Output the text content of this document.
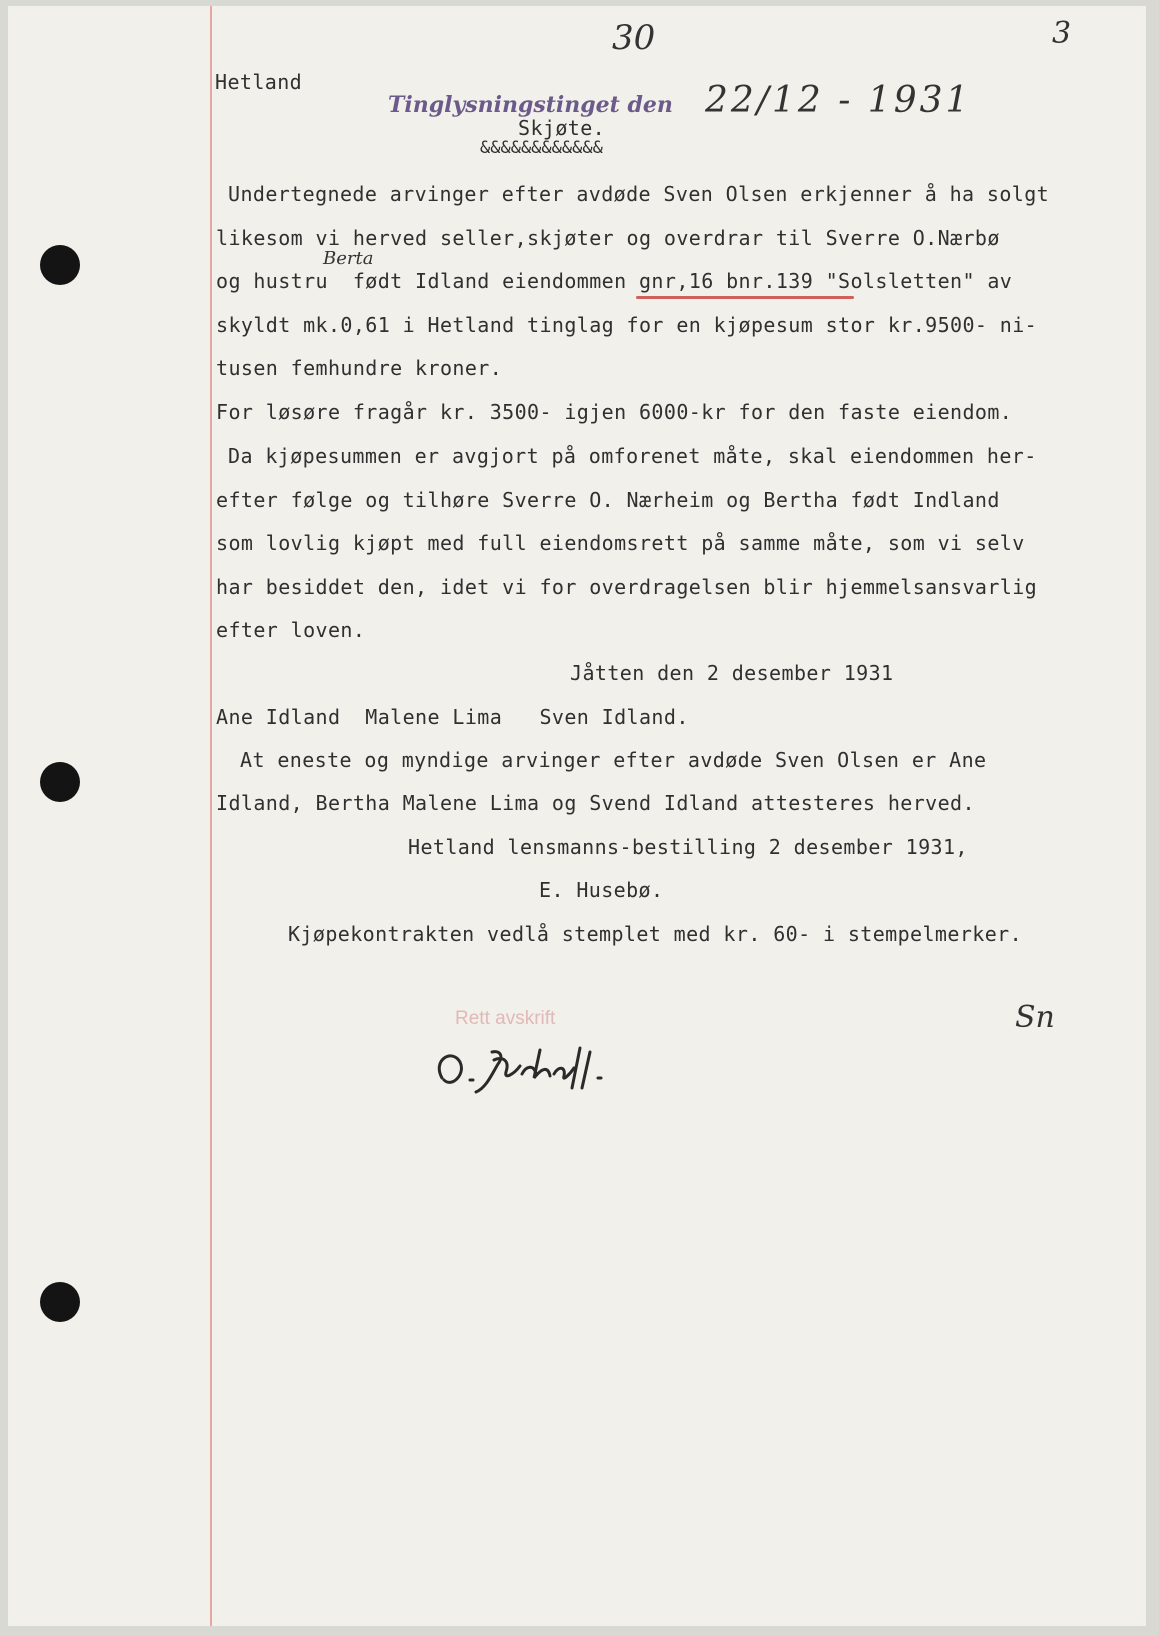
30	3
Hetland
Tinglysningstinget den 22/12 - 1931
Skjøte.
&&&&&&&&&&&&
Undertegnede arvinger efter avdøde Sven Olsen erkjenner å ha solgt
likesom vi herved seller,skjøter og overdrar til Sverre O.Nærbø
Berta
og hustru  født Idland eiendommen gnr,16 bnr.139 "Solsletten" av
skyldt mk.0,61 i Hetland tinglag for en kjøpesum stor kr.9500- ni-
tusen femhundre kroner.
For løsøre fragår kr. 3500- igjen 6000-kr for den faste eiendom.
Da kjøpesummen er avgjort på omforenet måte, skal eiendommen her-
efter følge og tilhøre Sverre O. Nærheim og Bertha født Indland
som lovlig kjøpt med full eiendomsrett på samme måte, som vi selv
har besiddet den, idet vi for overdragelsen blir hjemmelsansvarlig
efter loven.
Jåtten den 2 desember 1931
Ane Idland  Malene Lima   Sven Idland.
At eneste og myndige arvinger efter avdøde Sven Olsen er Ane
Idland, Bertha Malene Lima og Svend Idland attesteres herved.
Hetland lensmanns-bestilling 2 desember 1931,
E. Husebø.
Kjøpekontrakten vedlå stemplet med kr. 60- i stempelmerker.
Rett avskrift	Sn
